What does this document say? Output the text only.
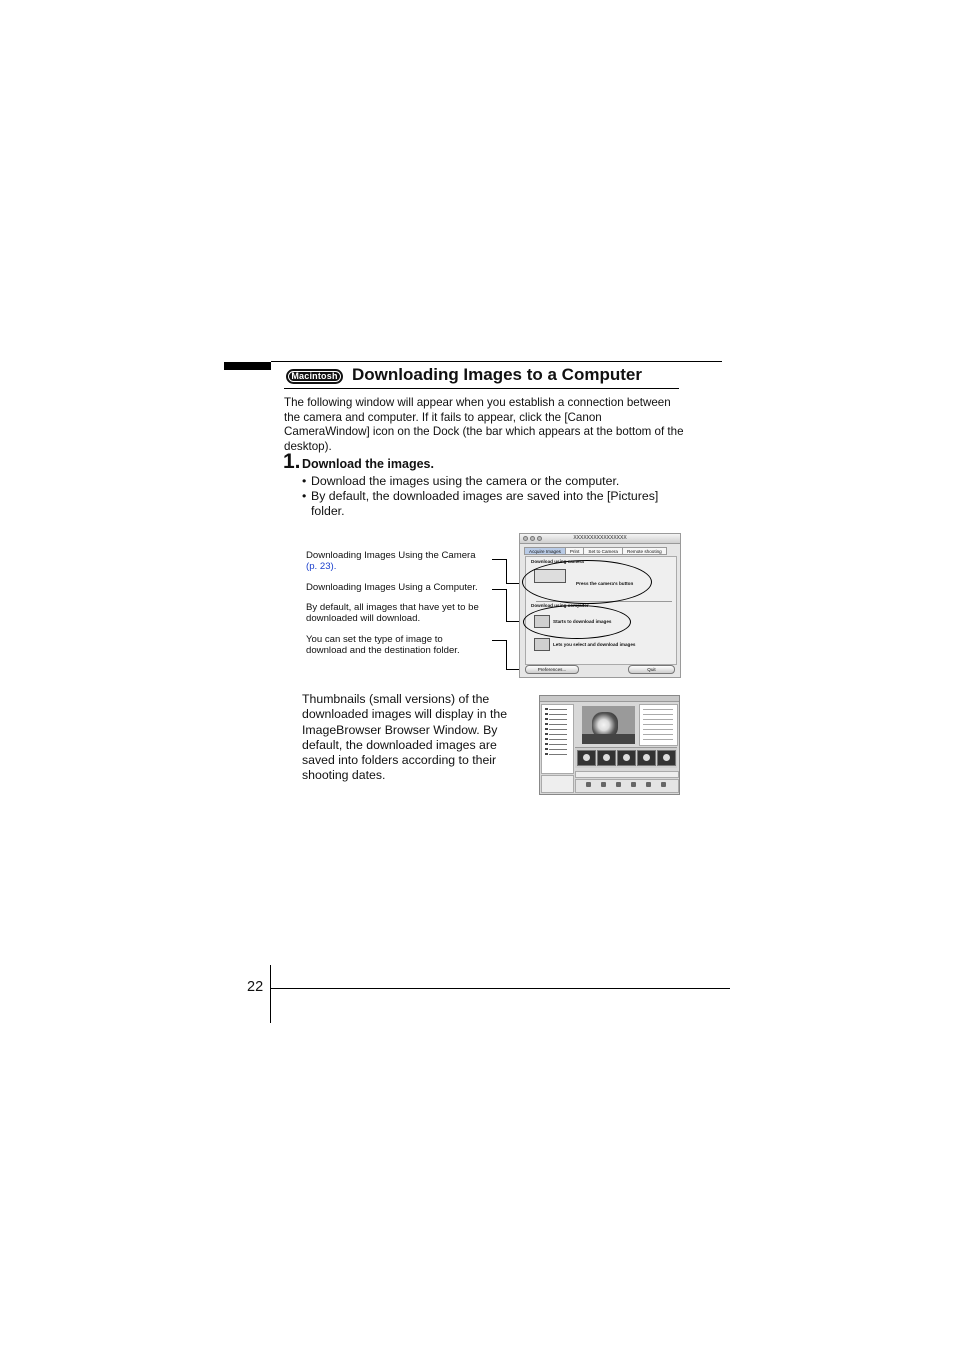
Macintosh Downloading Images to a Computer

The following window will appear when you establish a connection between the camera and computer. If it fails to appear, click the [Canon CameraWindow] icon on the Dock (the bar which appears at the bottom of the desktop).

1. Download the images.

• Download the images using the camera or the computer.

• By default, the downloaded images are saved into the [Pictures] folder.

Downloading Images Using the Camera
(p. 23).
Downloading Images Using a Computer.
By default, all images that have yet to be
downloaded will download.
You can set the type of image to
download and the destination folder.
XXXXXXXXXXXXXXXX
Acquire Images	Print	Set to Camera	Remote shooting
Download using camera
Press the camera's button
Download using computer
Starts to download images
Lets you select and download images
Preferences...	Quit

Thumbnails (small versions) of the downloaded images will display in the ImageBrowser Browser Window. By default, the downloaded images are saved into folders according to their shooting dates.

22
